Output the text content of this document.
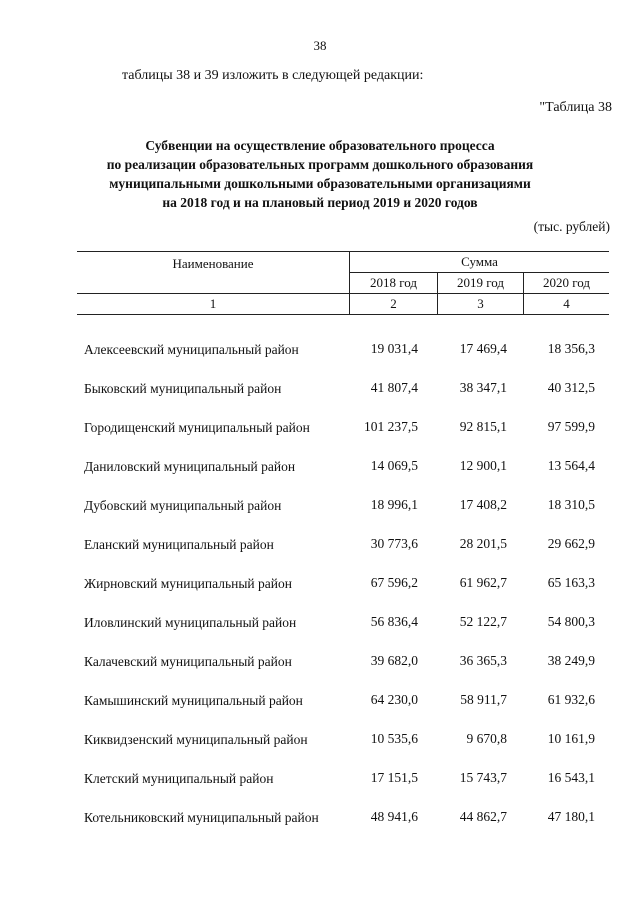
38
таблицы 38 и 39 изложить в следующей редакции:
"Таблица 38
Субвенции на осуществление образовательного процесса
по реализации образовательных программ дошкольного образования
муниципальными дошкольными образовательными организациями
на 2018 год и на плановый период 2019 и 2020 годов
(тыс. рублей)
Наименование	Сумма		
	2018 год	2019 год	2020 год
1	2	3	4
Алексеевский муниципальный район	19 031,4	17 469,4	18 356,3
Быковский муниципальный район	41 807,4	38 347,1	40 312,5
Городищенский муниципальный район	101 237,5	92 815,1	97 599,9
Даниловский муниципальный район	14 069,5	12 900,1	13 564,4
Дубовский муниципальный район	18 996,1	17 408,2	18 310,5
Еланский муниципальный район	30 773,6	28 201,5	29 662,9
Жирновский муниципальный район	67 596,2	61 962,7	65 163,3
Иловлинский муниципальный район	56 836,4	52 122,7	54 800,3
Калачевский муниципальный район	39 682,0	36 365,3	38 249,9
Камышинский муниципальный район	64 230,0	58 911,7	61 932,6
Киквидзенский муниципальный район	10 535,6	9 670,8	10 161,9
Клетский муниципальный район	17 151,5	15 743,7	16 543,1
Котельниковский муниципальный район	48 941,6	44 862,7	47 180,1
